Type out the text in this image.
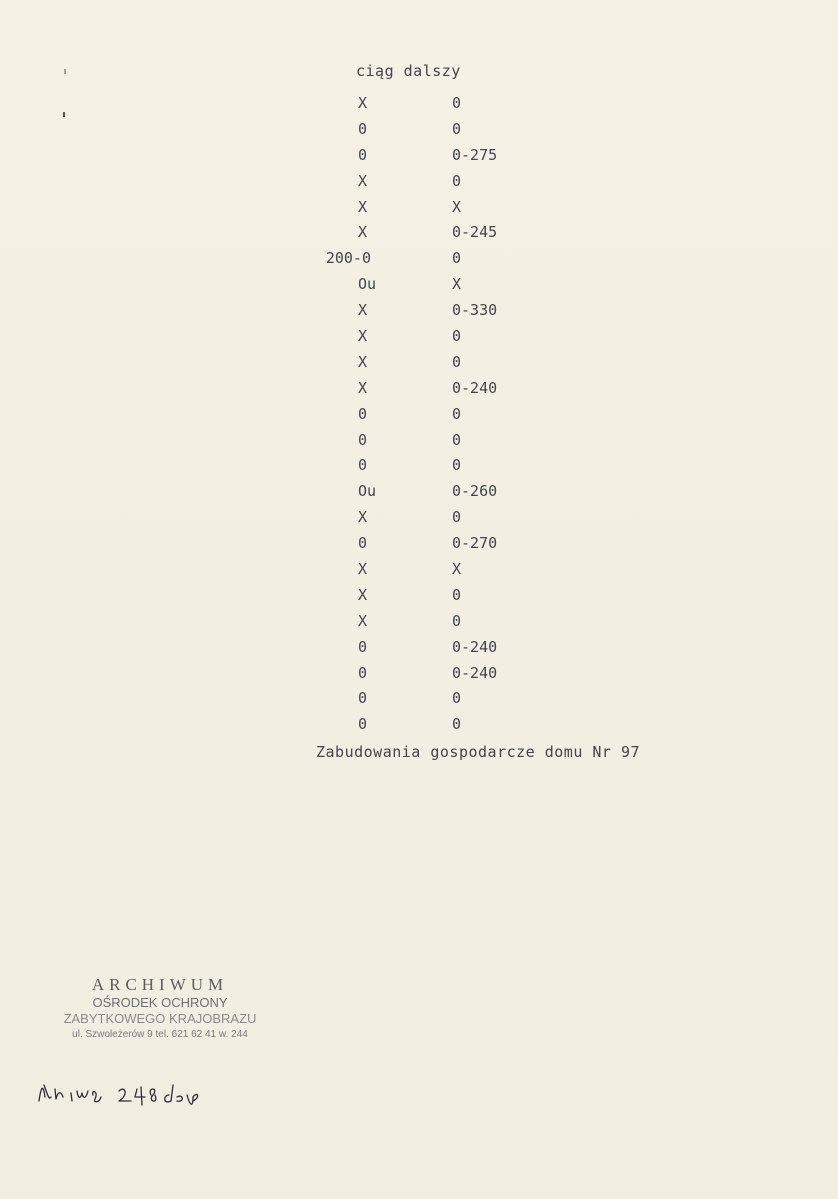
ciąg dalszy
X	0
0	0
0	0-275
X	0
X	X
X	0-245
200-0	0
Ou	X
X	0-330
X	0
X	0
X	0-240
0	0
0	0
0	0
Ou	0-260
X	0
0	0-270
X	X
X	0
X	0
0	0-240
0	0-240
0	0
0	0
Zabudowania gospodarcze domu Nr 97
ARCHIWUM
OŚRODEK OCHRONY
ZABYTKOWEGO KRAJOBRAZU
ul. Szwoleżerów 9 tel. 621 62 41 w. 244
